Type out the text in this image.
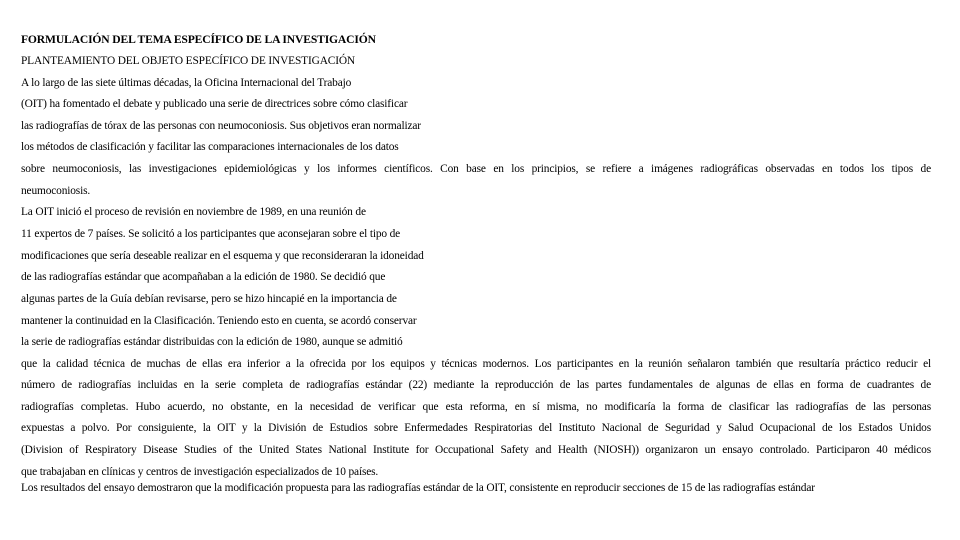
FORMULACIÓN DEL TEMA ESPECÍFICO DE LA INVESTIGACIÓN
PLANTEAMIENTO DEL OBJETO ESPECÍFICO DE INVESTIGACIÓN
A lo largo de las siete últimas décadas, la Oficina Internacional del Trabajo
(OIT) ha fomentado el debate y publicado una serie de directrices sobre cómo clasificar
las radiografías de tórax de las personas con neumoconiosis. Sus objetivos eran normalizar
los métodos de clasificación y facilitar las comparaciones internacionales de los datos
sobre neumoconiosis, las investigaciones epidemiológicas y los informes científicos. Con base en los principios, se refiere a imágenes radiográficas observadas en todos los tipos de
neumoconiosis.
La OIT inició el proceso de revisión en noviembre de 1989, en una reunión de
11 expertos de 7 países. Se solicitó a los participantes que aconsejaran sobre el tipo de
modificaciones que sería deseable realizar en el esquema y que reconsideraran la idoneidad
de las radiografías estándar que acompañaban a la edición de 1980. Se decidió que
algunas partes de la Guía debían revisarse, pero se hizo hincapié en la importancia de
mantener la continuidad en la Clasificación. Teniendo esto en cuenta, se acordó conservar
la serie de radiografías estándar distribuidas con la edición de 1980, aunque se admitió
que la calidad técnica de muchas de ellas era inferior a la ofrecida por los equipos y técnicas modernos. Los participantes en la reunión señalaron también que resultaría práctico reducir el
número de radiografías incluidas en la serie completa de radiografías estándar (22) mediante la reproducción de las partes fundamentales de algunas de ellas en forma de cuadrantes de
radiografías completas. Hubo acuerdo, no obstante, en la necesidad de verificar que esta reforma, en sí misma, no modificaría la forma de clasificar las radiografías de las personas
expuestas a polvo. Por consiguiente, la OIT y la División de Estudios sobre Enfermedades Respiratorias del Instituto Nacional de Seguridad y Salud Ocupacional de los Estados Unidos
(Division of Respiratory Disease Studies of the United States National Institute for Occupational Safety and Health (NIOSH)) organizaron un ensayo controlado. Participaron 40 médicos
que trabajaban en clínicas y centros de investigación especializados de 10 países.
Los resultados del ensayo demostraron que la modificación propuesta para las radiografías estándar de la OIT, consistente en reproducir secciones de 15 de las radiografías estándar
